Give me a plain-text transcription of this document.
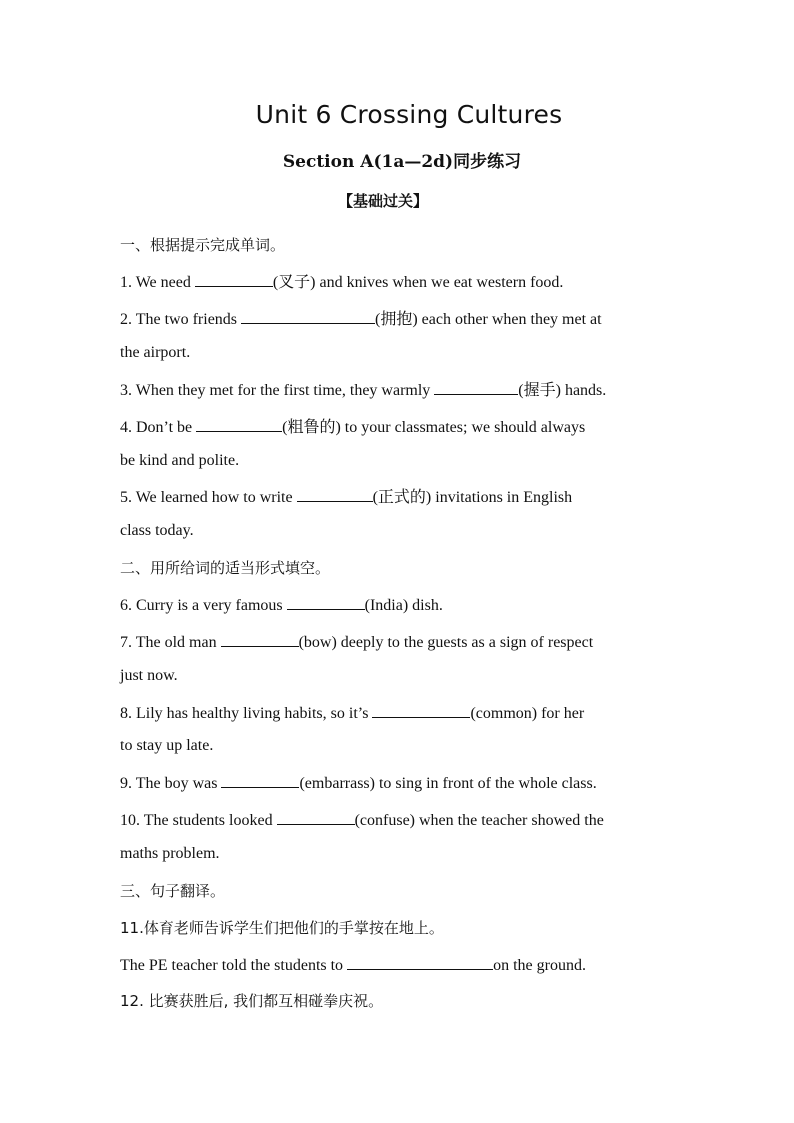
Unit 6 Crossing Cultures
Section A(1a—2d)同步练习
【基础过关】
一、根据提示完成单词。
1. We need	(叉子) and knives when we eat western food.
2. The two friends	(拥抱) each other when they met at
the airport.
3. When they met for the first time, they warmly	(握手) hands.
4. Don’t be	(粗鲁的) to your classmates; we should always
be kind and polite.
5. We learned how to write	(正式的) invitations in English
class today.
二、用所给词的适当形式填空。
6. Curry is a very famous	(India) dish.
7. The old man	(bow) deeply to the guests as a sign of respect
just now.
8. Lily has healthy living habits, so it’s	(common) for her
to stay up late.
9. The boy was	(embarrass) to sing in front of the whole class.
10. The students looked	(confuse) when the teacher showed the
maths problem.
三、句子翻译。
11.体育老师告诉学生们把他们的手掌按在地上。
The PE teacher told the students to	on the ground.
12. 比赛获胜后, 我们都互相碰拳庆祝。
